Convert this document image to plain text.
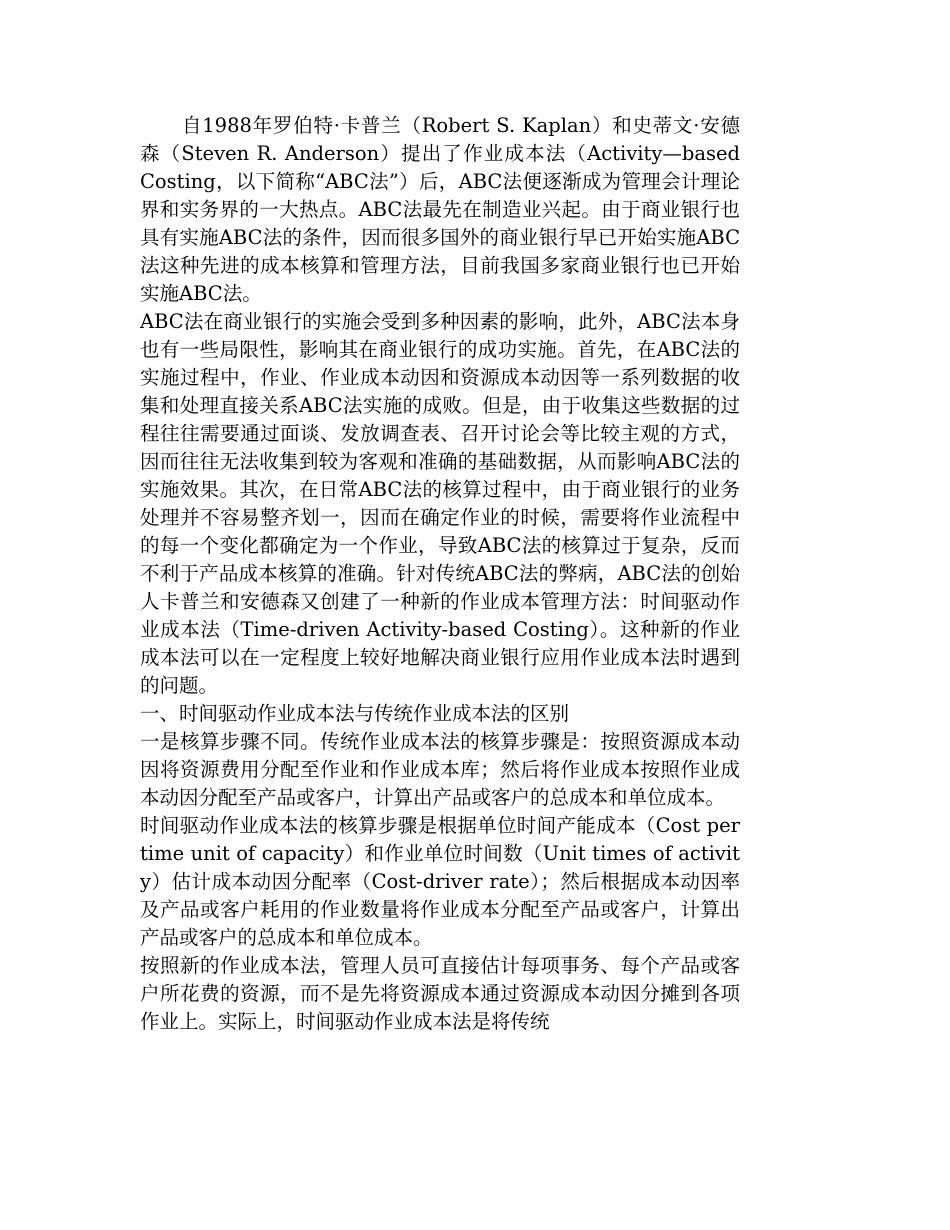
自1988年罗伯特·卡普兰（Robert S. Kaplan）和史蒂文·安德森（Steven R. Anderson）提出了作业成本法（Activity—based Costing，以下简称“ABC法”）后，ABC法便逐渐成为管理会计理论界和实务界的一大热点。ABC法最先在制造业兴起。由于商业银行也具有实施ABC法的条件，因而很多国外的商业银行早已开始实施ABC法这种先进的成本核算和管理方法，目前我国多家商业银行也已开始实施ABC法。

ABC法在商业银行的实施会受到多种因素的影响，此外，ABC法本身也有一些局限性，影响其在商业银行的成功实施。首先，在ABC法的实施过程中，作业、作业成本动因和资源成本动因等一系列数据的收集和处理直接关系ABC法实施的成败。但是，由于收集这些数据的过程往往需要通过面谈、发放调查表、召开讨论会等比较主观的方式，因而往往无法收集到较为客观和准确的基础数据，从而影响ABC法的实施效果。其次，在日常ABC法的核算过程中，由于商业银行的业务处理并不容易整齐划一，因而在确定作业的时候，需要将作业流程中的每一个变化都确定为一个作业，导致ABC法的核算过于复杂，反而不利于产品成本核算的准确。针对传统ABC法的弊病，ABC法的创始人卡普兰和安德森又创建了一种新的作业成本管理方法：时间驱动作业成本法（Time-driven Activity-based Costing）。这种新的作业成本法可以在一定程度上较好地解决商业银行应用作业成本法时遇到的问题。

一、时间驱动作业成本法与传统作业成本法的区别

一是核算步骤不同。传统作业成本法的核算步骤是：按照资源成本动因将资源费用分配至作业和作业成本库；然后将作业成本按照作业成本动因分配至产品或客户，计算出产品或客户的总成本和单位成本。

时间驱动作业成本法的核算步骤是根据单位时间产能成本（Cost per time unit of capacity）和作业单位时间数（Unit times of activity）估计成本动因分配率（Cost-driver rate）；然后根据成本动因率及产品或客户耗用的作业数量将作业成本分配至产品或客户，计算出产品或客户的总成本和单位成本。

按照新的作业成本法，管理人员可直接估计每项事务、每个产品或客户所花费的资源，而不是先将资源成本通过资源成本动因分摊到各项作业上。实际上，时间驱动作业成本法是将传统
